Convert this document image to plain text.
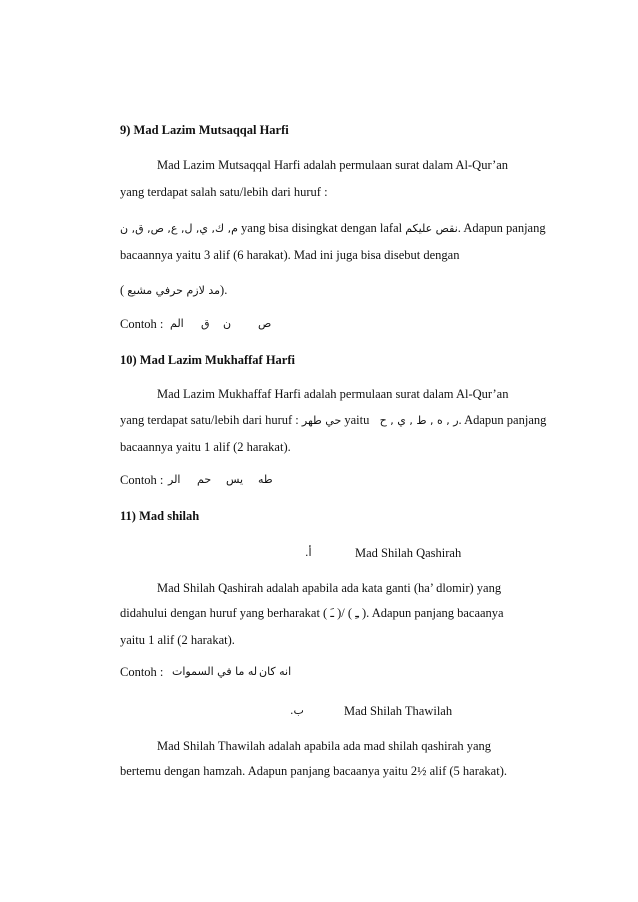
9) Mad Lazim Mutsaqqal Harfi
Mad Lazim Mutsaqqal Harfi adalah permulaan surat dalam Al-Qur’an
yang terdapat salah satu/lebih dari huruf :
م, ك, ي, ل, ع, ص, ق, ن yang bisa disingkat dengan lafal نقص عليكم. Adapun panjang
bacaannya yaitu 3 alif (6 harakat). Mad ini juga bisa disebut dengan
( مد لازم حرفي مشبع).
Contoh : الم ق ن ص
10) Mad Lazim Mukhaffaf Harfi
Mad Lazim Mukhaffaf Harfi adalah permulaan surat dalam Al-Qur’an
yang terdapat satu/lebih dari huruf : حي طهر yaitu ر , ه , ط , ي , ح. Adapun panjang
bacaannya yaitu 1 alif (2 harakat).
Contoh : الر حم يس طه
11) Mad shilah
أ.	Mad Shilah Qashirah
Mad Shilah Qashirah adalah apabila ada kata ganti (ha’ dlomir) yang
didahului dengan huruf yang berharakat ( ـَ )/ ( ـِ ). Adapun panjang bacaanya
yaitu 1 alif (2 harakat).
Contoh : له ما في السموات انه كان
ب.	Mad Shilah Thawilah
Mad Shilah Thawilah adalah apabila ada mad shilah qashirah yang
bertemu dengan hamzah. Adapun panjang bacaanya yaitu 2½ alif (5 harakat).
